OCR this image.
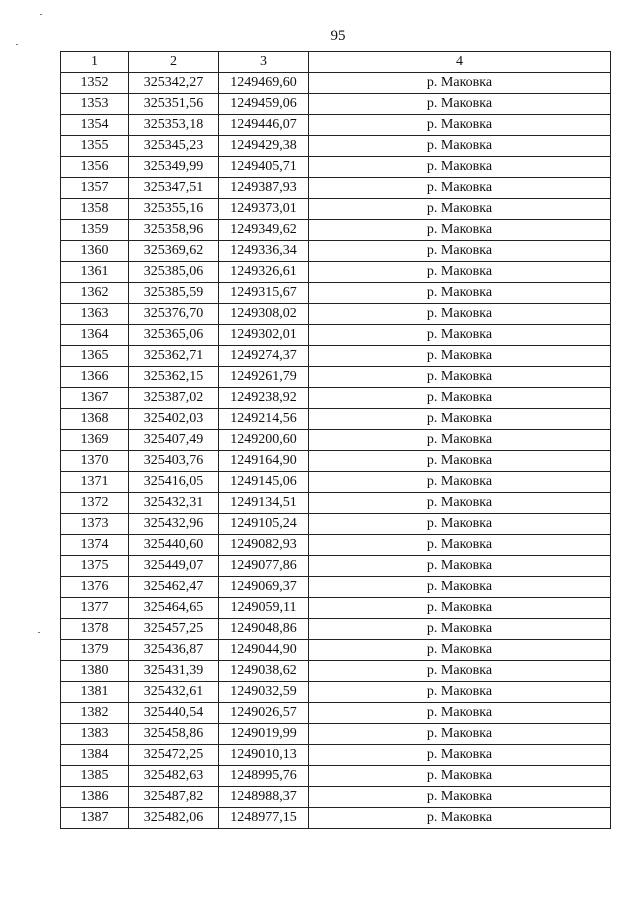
95
1	2	3	4
1352	325342,27	1249469,60	р. Маковка
1353	325351,56	1249459,06	р. Маковка
1354	325353,18	1249446,07	р. Маковка
1355	325345,23	1249429,38	р. Маковка
1356	325349,99	1249405,71	р. Маковка
1357	325347,51	1249387,93	р. Маковка
1358	325355,16	1249373,01	р. Маковка
1359	325358,96	1249349,62	р. Маковка
1360	325369,62	1249336,34	р. Маковка
1361	325385,06	1249326,61	р. Маковка
1362	325385,59	1249315,67	р. Маковка
1363	325376,70	1249308,02	р. Маковка
1364	325365,06	1249302,01	р. Маковка
1365	325362,71	1249274,37	р. Маковка
1366	325362,15	1249261,79	р. Маковка
1367	325387,02	1249238,92	р. Маковка
1368	325402,03	1249214,56	р. Маковка
1369	325407,49	1249200,60	р. Маковка
1370	325403,76	1249164,90	р. Маковка
1371	325416,05	1249145,06	р. Маковка
1372	325432,31	1249134,51	р. Маковка
1373	325432,96	1249105,24	р. Маковка
1374	325440,60	1249082,93	р. Маковка
1375	325449,07	1249077,86	р. Маковка
1376	325462,47	1249069,37	р. Маковка
1377	325464,65	1249059,11	р. Маковка
1378	325457,25	1249048,86	р. Маковка
1379	325436,87	1249044,90	р. Маковка
1380	325431,39	1249038,62	р. Маковка
1381	325432,61	1249032,59	р. Маковка
1382	325440,54	1249026,57	р. Маковка
1383	325458,86	1249019,99	р. Маковка
1384	325472,25	1249010,13	р. Маковка
1385	325482,63	1248995,76	р. Маковка
1386	325487,82	1248988,37	р. Маковка
1387	325482,06	1248977,15	р. Маковка
